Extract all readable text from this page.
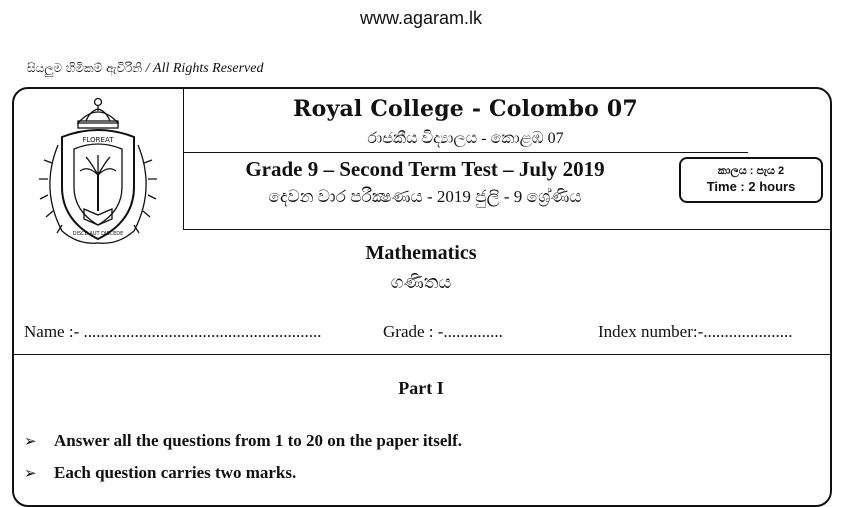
www.agaram.lk
සියලුම හිමිකම් ඇවිරිනි / All Rights Reserved
FLOREAT
DISCE AUT DISCEDE
Royal College - Colombo 07
රාජකීය විද්‍යාලය - කොළඹ 07
Grade 9 – Second Term Test – July 2019
දෙවන වාර පරීක්‍ෂණය - 2019 ජුලි - 9 ශ්‍රේණිය
කාලය : පැය 2
Time : 2 hours
Mathematics
ගණිතය
Name :- ........................................................	Grade : -..............	Index number:-.....................
Part I
➢ Answer all the questions from 1 to 20 on the paper itself.
➢ Each question carries two marks.
